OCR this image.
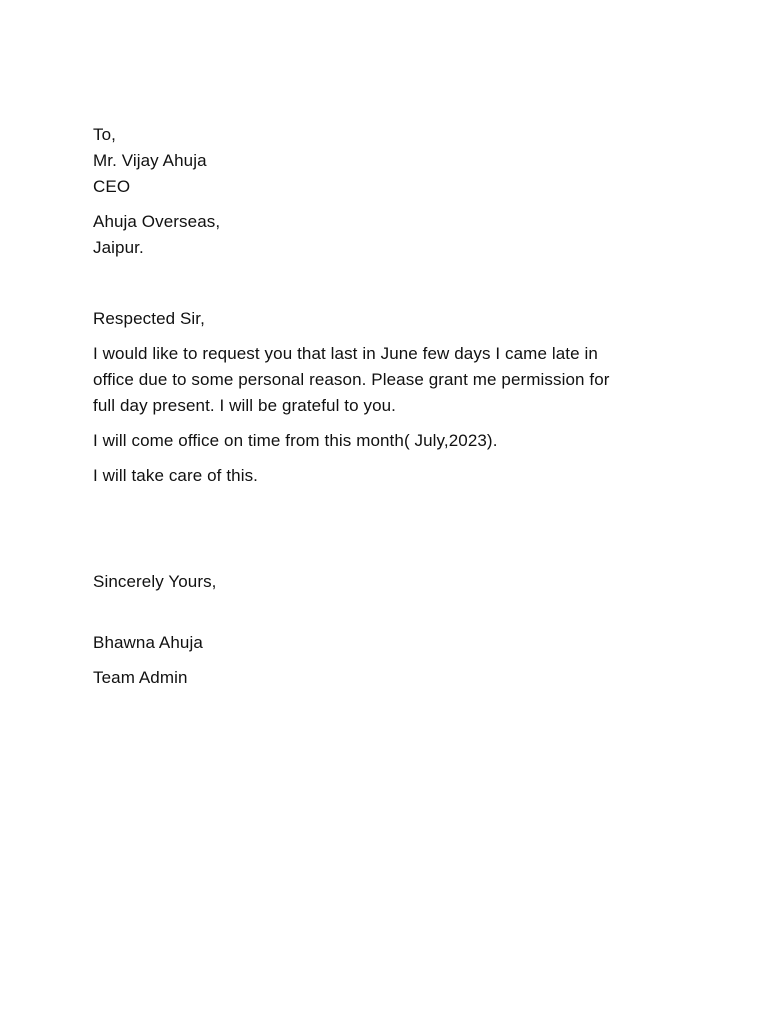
To,
Mr. Vijay Ahuja
CEO
Ahuja Overseas,
Jaipur.
Respected Sir,
I would like to request you that last in June few days I came late in
office due to some personal reason. Please grant me permission for
full day present. I will be grateful to you.
I will come office on time from this month( July,2023).
I will take care of this.
Sincerely Yours,
Bhawna Ahuja
Team Admin
